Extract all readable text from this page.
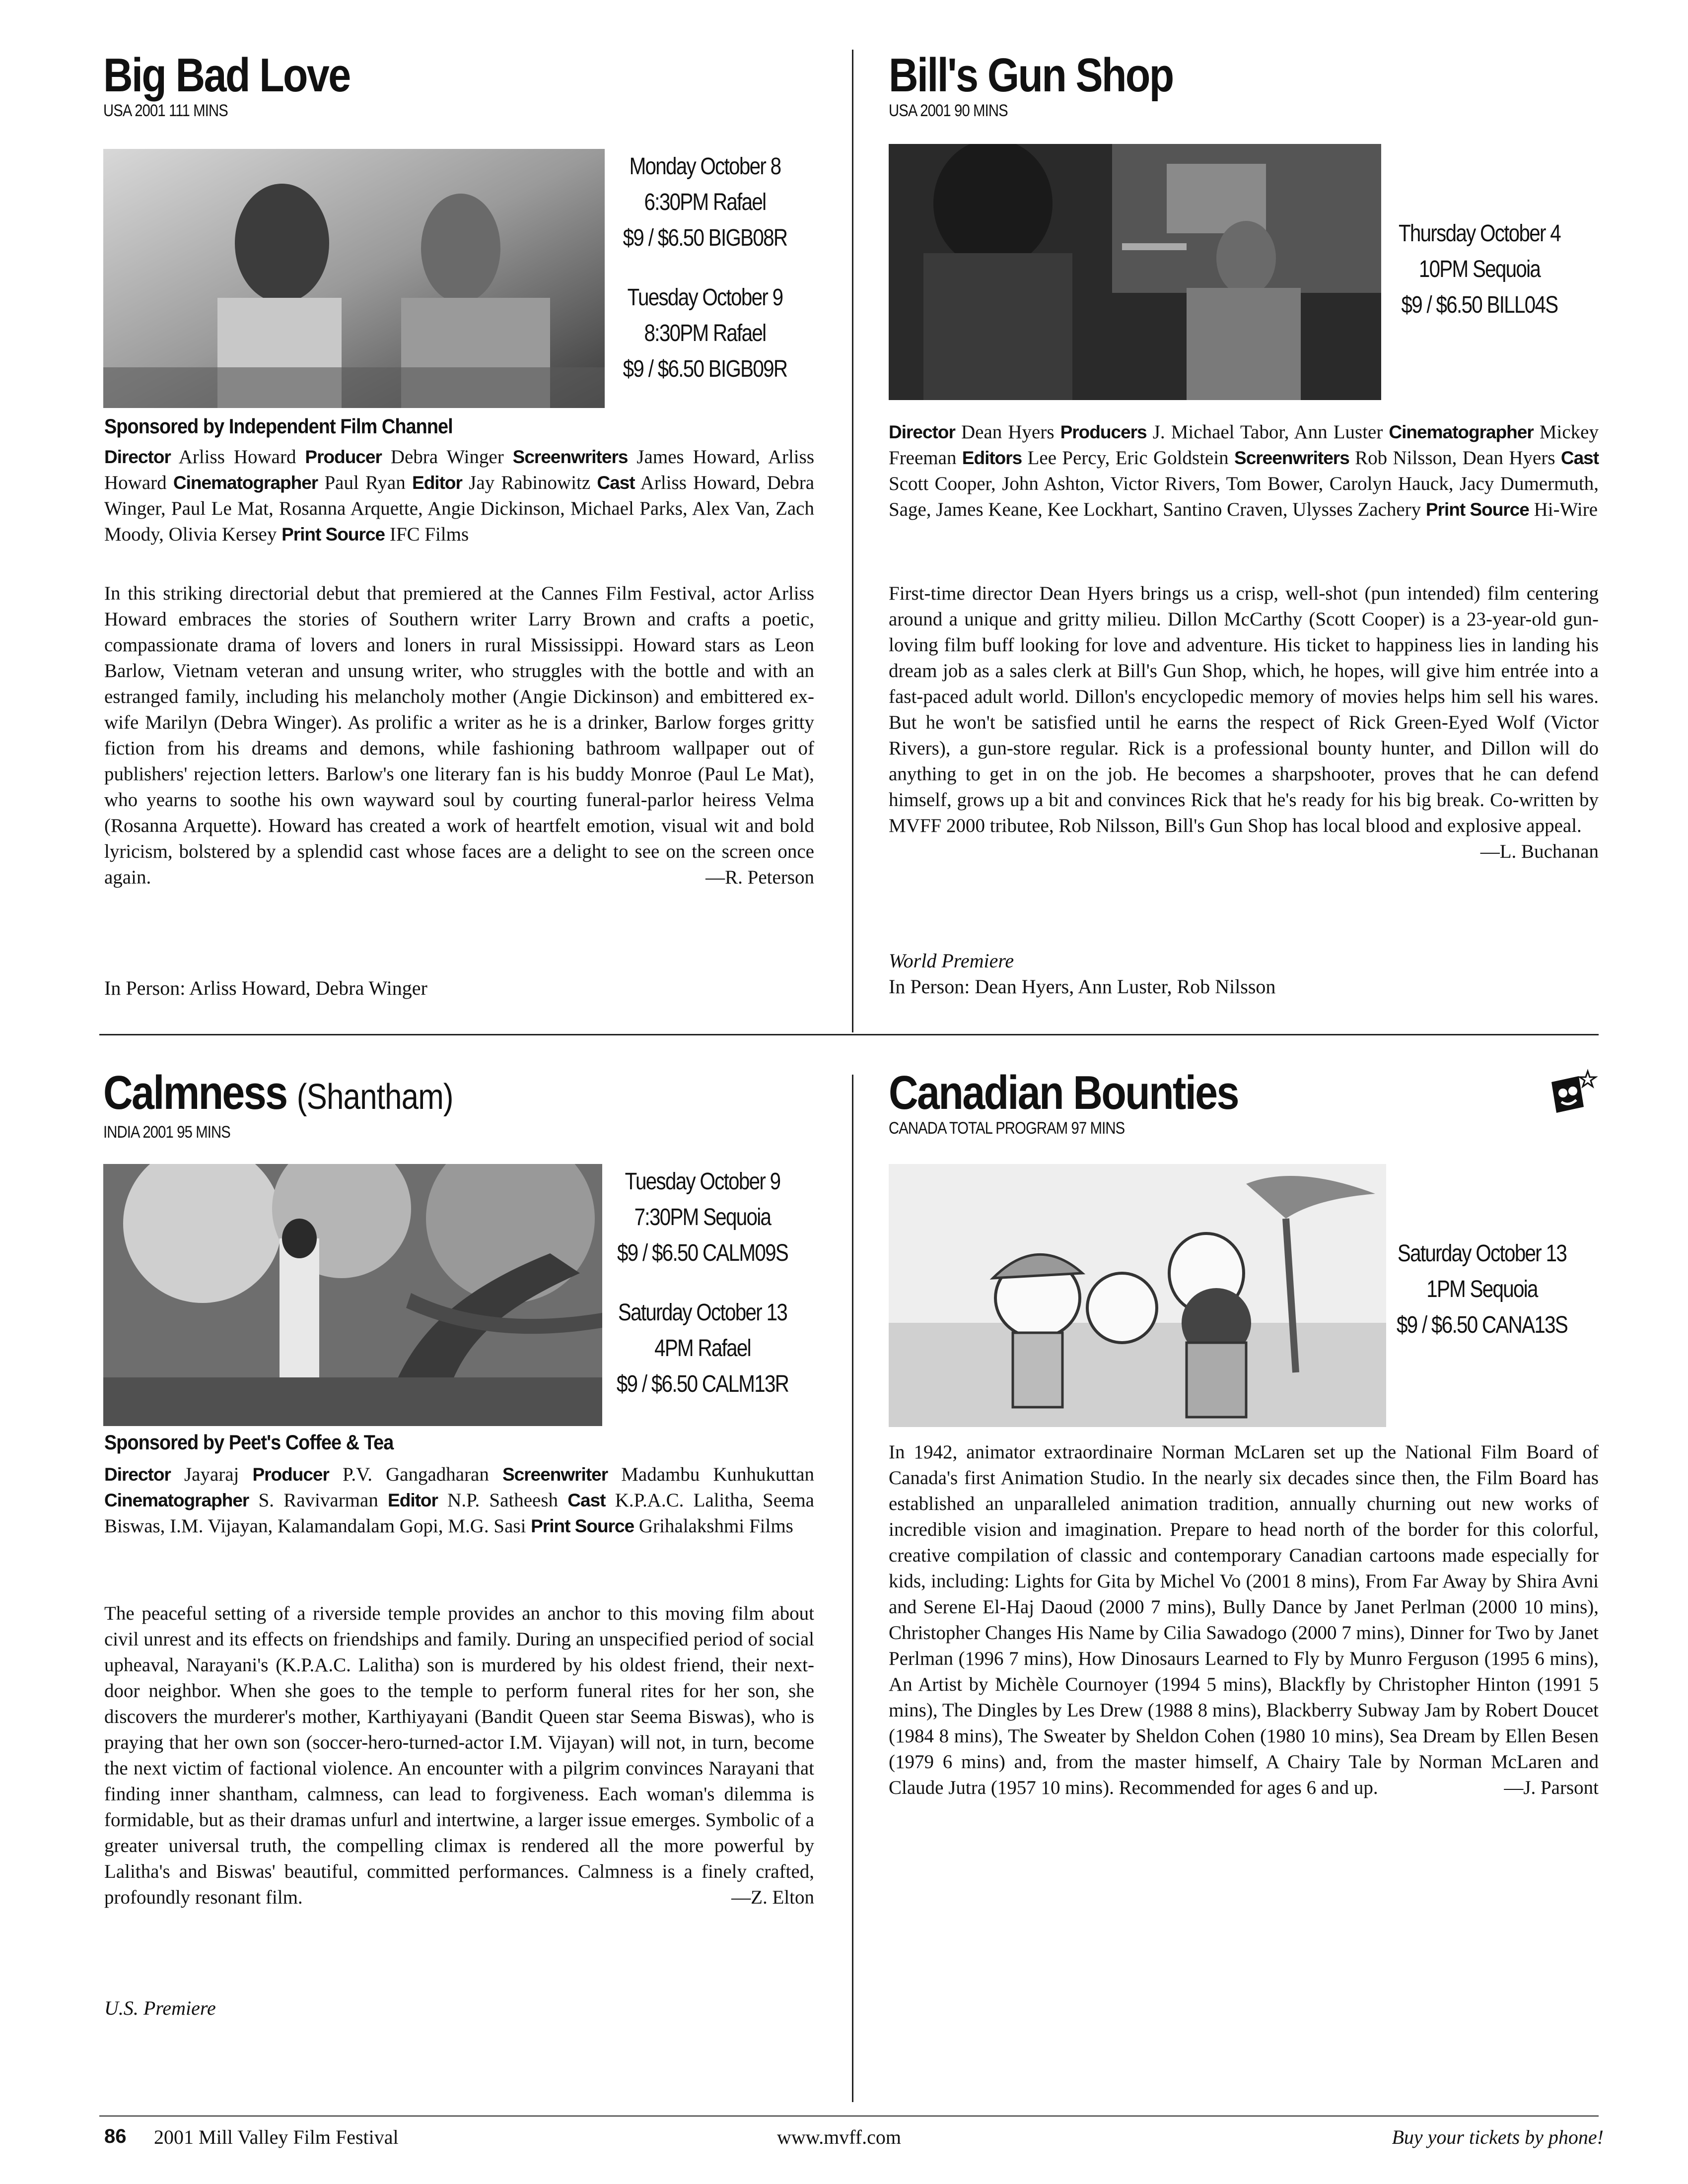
Big Bad Love

USA 2001 111 MINS

Monday October 8
6:30PM Rafael
$9 / $6.50 BIGB08R
Tuesday October 9
8:30PM Rafael
$9 / $6.50 BIGB09R
Sponsored by Independent Film Channel
Director Arliss Howard Producer Debra Winger Screenwriters James Howard, Arliss Howard Cinematographer Paul Ryan Editor Jay Rabinowitz Cast Arliss Howard, Debra Winger, Paul Le Mat, Rosanna Arquette, Angie Dickinson, Michael Parks, Alex Van, Zach Moody, Olivia Kersey Print Source IFC Films
In this striking directorial debut that premiered at the Cannes Film Festival, actor Arliss Howard embraces the stories of Southern writer Larry Brown and crafts a poetic, compassionate drama of lovers and loners in rural Mississippi. Howard stars as Leon Barlow, Vietnam veteran and unsung writer, who struggles with the bottle and with an estranged family, including his melancholy mother (Angie Dickinson) and embittered ex-wife Marilyn (Debra Winger). As prolific a writer as he is a drinker, Barlow forges gritty fiction from his dreams and demons, while fashioning bathroom wallpaper out of publishers' rejection letters. Barlow's one literary fan is his buddy Monroe (Paul Le Mat), who yearns to soothe his own wayward soul by courting funeral-parlor heiress Velma (Rosanna Arquette). Howard has created a work of heartfelt emotion, visual wit and bold lyricism, bolstered by a splendid cast whose faces are a delight to see on the screen once again.	—R. Peterson
In Person: Arliss Howard, Debra Winger
Bill's Gun Shop

USA 2001 90 MINS

Thursday October 4
10PM Sequoia
$9 / $6.50 BILL04S
Director Dean Hyers Producers J. Michael Tabor, Ann Luster Cinematographer Mickey Freeman Editors Lee Percy, Eric Goldstein Screenwriters Rob Nilsson, Dean Hyers Cast Scott Cooper, John Ashton, Victor Rivers, Tom Bower, Carolyn Hauck, Jacy Dumermuth, Sage, James Keane, Kee Lockhart, Santino Craven, Ulysses Zachery Print Source Hi-Wire
First-time director Dean Hyers brings us a crisp, well-shot (pun intended) film centering around a unique and gritty milieu. Dillon McCarthy (Scott Cooper) is a 23-year-old gun-loving film buff looking for love and adventure. His ticket to happiness lies in landing his dream job as a sales clerk at Bill's Gun Shop, which, he hopes, will give him entrée into a fast-paced adult world. Dillon's encyclopedic memory of movies helps him sell his wares. But he won't be satisfied until he earns the respect of Rick Green-Eyed Wolf (Victor Rivers), a gun-store regular. Rick is a professional bounty hunter, and Dillon will do anything to get in on the job. He becomes a sharpshooter, proves that he can defend himself, grows up a bit and convinces Rick that he's ready for his big break. Co-written by MVFF 2000 tributee, Rob Nilsson, Bill's Gun Shop has local blood and explosive appeal.
—L. Buchanan
World Premiere
In Person: Dean Hyers, Ann Luster, Rob Nilsson
Calmness (Shantham)

INDIA 2001 95 MINS

Tuesday October 9
7:30PM Sequoia
$9 / $6.50 CALM09S
Saturday October 13
4PM Rafael
$9 / $6.50 CALM13R
Sponsored by Peet's Coffee & Tea
Director Jayaraj Producer P.V. Gangadharan Screenwriter Madambu Kunhukuttan Cinematographer S. Ravivarman Editor N.P. Satheesh Cast K.P.A.C. Lalitha, Seema Biswas, I.M. Vijayan, Kalamandalam Gopi, M.G. Sasi Print Source Grihalakshmi Films
The peaceful setting of a riverside temple provides an anchor to this moving film about civil unrest and its effects on friendships and family. During an unspecified period of social upheaval, Narayani's (K.P.A.C. Lalitha) son is murdered by his oldest friend, their next-door neighbor. When she goes to the temple to perform funeral rites for her son, she discovers the murderer's mother, Karthiyayani (Bandit Queen star Seema Biswas), who is praying that her own son (soccer-hero-turned-actor I.M. Vijayan) will not, in turn, become the next victim of factional violence. An encounter with a pilgrim convinces Narayani that finding inner shantham, calmness, can lead to forgiveness. Each woman's dilemma is formidable, but as their dramas unfurl and intertwine, a larger issue emerges. Symbolic of a greater universal truth, the compelling climax is rendered all the more powerful by Lalitha's and Biswas' beautiful, committed performances. Calmness is a finely crafted, profoundly resonant film.	—Z. Elton
U.S. Premiere
Canadian Bounties

CANADA TOTAL PROGRAM 97 MINS

Saturday October 13
1PM Sequoia
$9 / $6.50 CANA13S
In 1942, animator extraordinaire Norman McLaren set up the National Film Board of Canada's first Animation Studio. In the nearly six decades since then, the Film Board has established an unparalleled animation tradition, annually churning out new works of incredible vision and imagination. Prepare to head north of the border for this colorful, creative compilation of classic and contemporary Canadian cartoons made especially for kids, including: Lights for Gita by Michel Vo (2001 8 mins), From Far Away by Shira Avni and Serene El-Haj Daoud (2000 7 mins), Bully Dance by Janet Perlman (2000 10 mins), Christopher Changes His Name by Cilia Sawadogo (2000 7 mins), Dinner for Two by Janet Perlman (1996 7 mins), How Dinosaurs Learned to Fly by Munro Ferguson (1995 6 mins), An Artist by Michèle Cournoyer (1994 5 mins), Blackfly by Christopher Hinton (1991 5 mins), The Dingles by Les Drew (1988 8 mins), Blackberry Subway Jam by Robert Doucet (1984 8 mins), The Sweater by Sheldon Cohen (1980 10 mins), Sea Dream by Ellen Besen (1979 6 mins) and, from the master himself, A Chairy Tale by Norman McLaren and Claude Jutra (1957 10 mins). Recommended for ages 6 and up.	—J. Parsont
86 2001 Mill Valley Film Festival	www.mvff.com	Buy your tickets by phone!
